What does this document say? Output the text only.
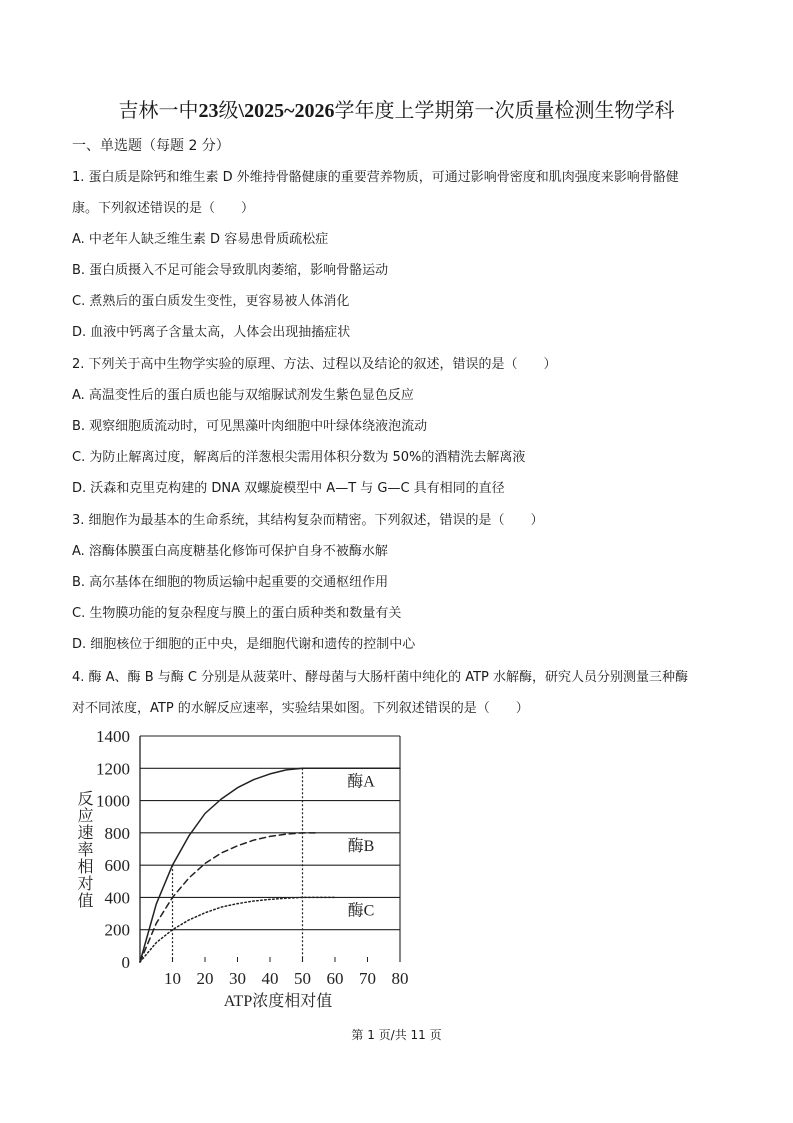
吉林一中23级\2025~2026学年度上学期第一次质量检测生物学科
一、单选题（每题 2 分）
1. 蛋白质是除钙和维生素 D 外维持骨骼健康的重要营养物质，可通过影响骨密度和肌肉强度来影响骨骼健
康。下列叙述错误的是（　　）
A. 中老年人缺乏维生素 D 容易患骨质疏松症
B. 蛋白质摄入不足可能会导致肌肉萎缩，影响骨骼运动
C. 煮熟后的蛋白质发生变性，更容易被人体消化
D. 血液中钙离子含量太高，人体会出现抽搐症状
2. 下列关于高中生物学实验的原理、方法、过程以及结论的叙述，错误的是（　　）
A. 高温变性后的蛋白质也能与双缩脲试剂发生紫色显色反应
B. 观察细胞质流动时，可见黑藻叶肉细胞中叶绿体绕液泡流动
C. 为防止解离过度，解离后的洋葱根尖需用体积分数为 50%的酒精洗去解离液
D. 沃森和克里克构建的 DNA 双螺旋模型中 A—T 与 G—C 具有相同的直径
3. 细胞作为最基本的生命系统，其结构复杂而精密。下列叙述，错误的是（　　）
A. 溶酶体膜蛋白高度糖基化修饰可保护自身不被酶水解
B. 高尔基体在细胞的物质运输中起重要的交通枢纽作用
C. 生物膜功能的复杂程度与膜上的蛋白质种类和数量有关
D. 细胞核位于细胞的正中央，是细胞代谢和遗传的控制中心
4. 酶 A、酶 B 与酶 C 分别是从菠菜叶、酵母菌与大肠杆菌中纯化的 ATP 水解酶，研究人员分别测量三种酶
对不同浓度，ATP 的水解反应速率，实验结果如图。下列叙述错误的是（　　）
0
200
400
600
800
1000
1200
1400
10 20 30 40 50 60 70 80
酶A
酶B
酶C
ATP浓度相对值
反应速率相对值
第 1 页/共 11 页
